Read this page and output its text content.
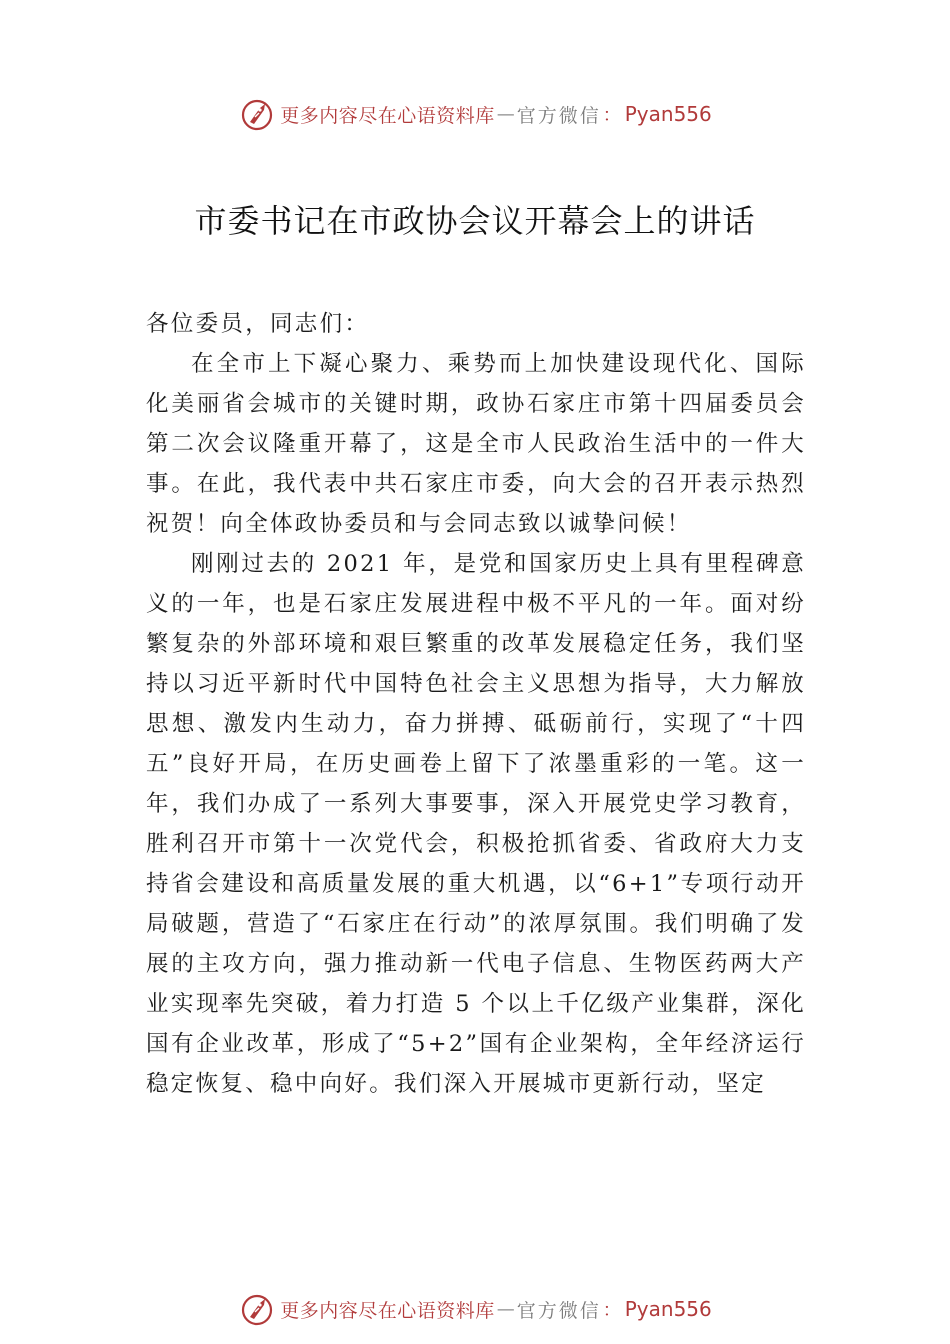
更多内容尽在心语资料库 — 官方微信 ： Pyan556
市委书记在市政协会议开幕会上的讲话

各位委员，同志们：

在全市上下凝心聚力、乘势而上加快建设现代化、国际化美丽省会城市的关键时期，政协石家庄市第十四届委员会第二次会议隆重开幕了，这是全市人民政治生活中的一件大事。在此，我代表中共石家庄市委，向大会的召开表示热烈祝贺！向全体政协委员和与会同志致以诚挚问候！

刚刚过去的 2021 年，是党和国家历史上具有里程碑意义的一年，也是石家庄发展进程中极不平凡的一年。面对纷繁复杂的外部环境和艰巨繁重的改革发展稳定任务，我们坚持以习近平新时代中国特色社会主义思想为指导，大力解放思想、激发内生动力，奋力拼搏、砥砺前行，实现了“十四五”良好开局，在历史画卷上留下了浓墨重彩的一笔。这一年，我们办成了一系列大事要事，深入开展党史学习教育， 胜利召开市第十一次党代会，积极抢抓省委、省政府大力支持省会建设和高质量发展的重大机遇，以“6+1”专项行动开局破题，营造了“石家庄在行动”的浓厚氛围。我们明确了发展的主攻方向，强力推动新一代电子信息、生物医药两大产业实现率先突破，着力打造 5 个以上千亿级产业集群，深化国有企业改革，形成了“5+2”国有企业架构，全年经济运行稳定恢复、稳中向好。我们深入开展城市更新行动，坚定

更多内容尽在心语资料库 — 官方微信 ： Pyan556
